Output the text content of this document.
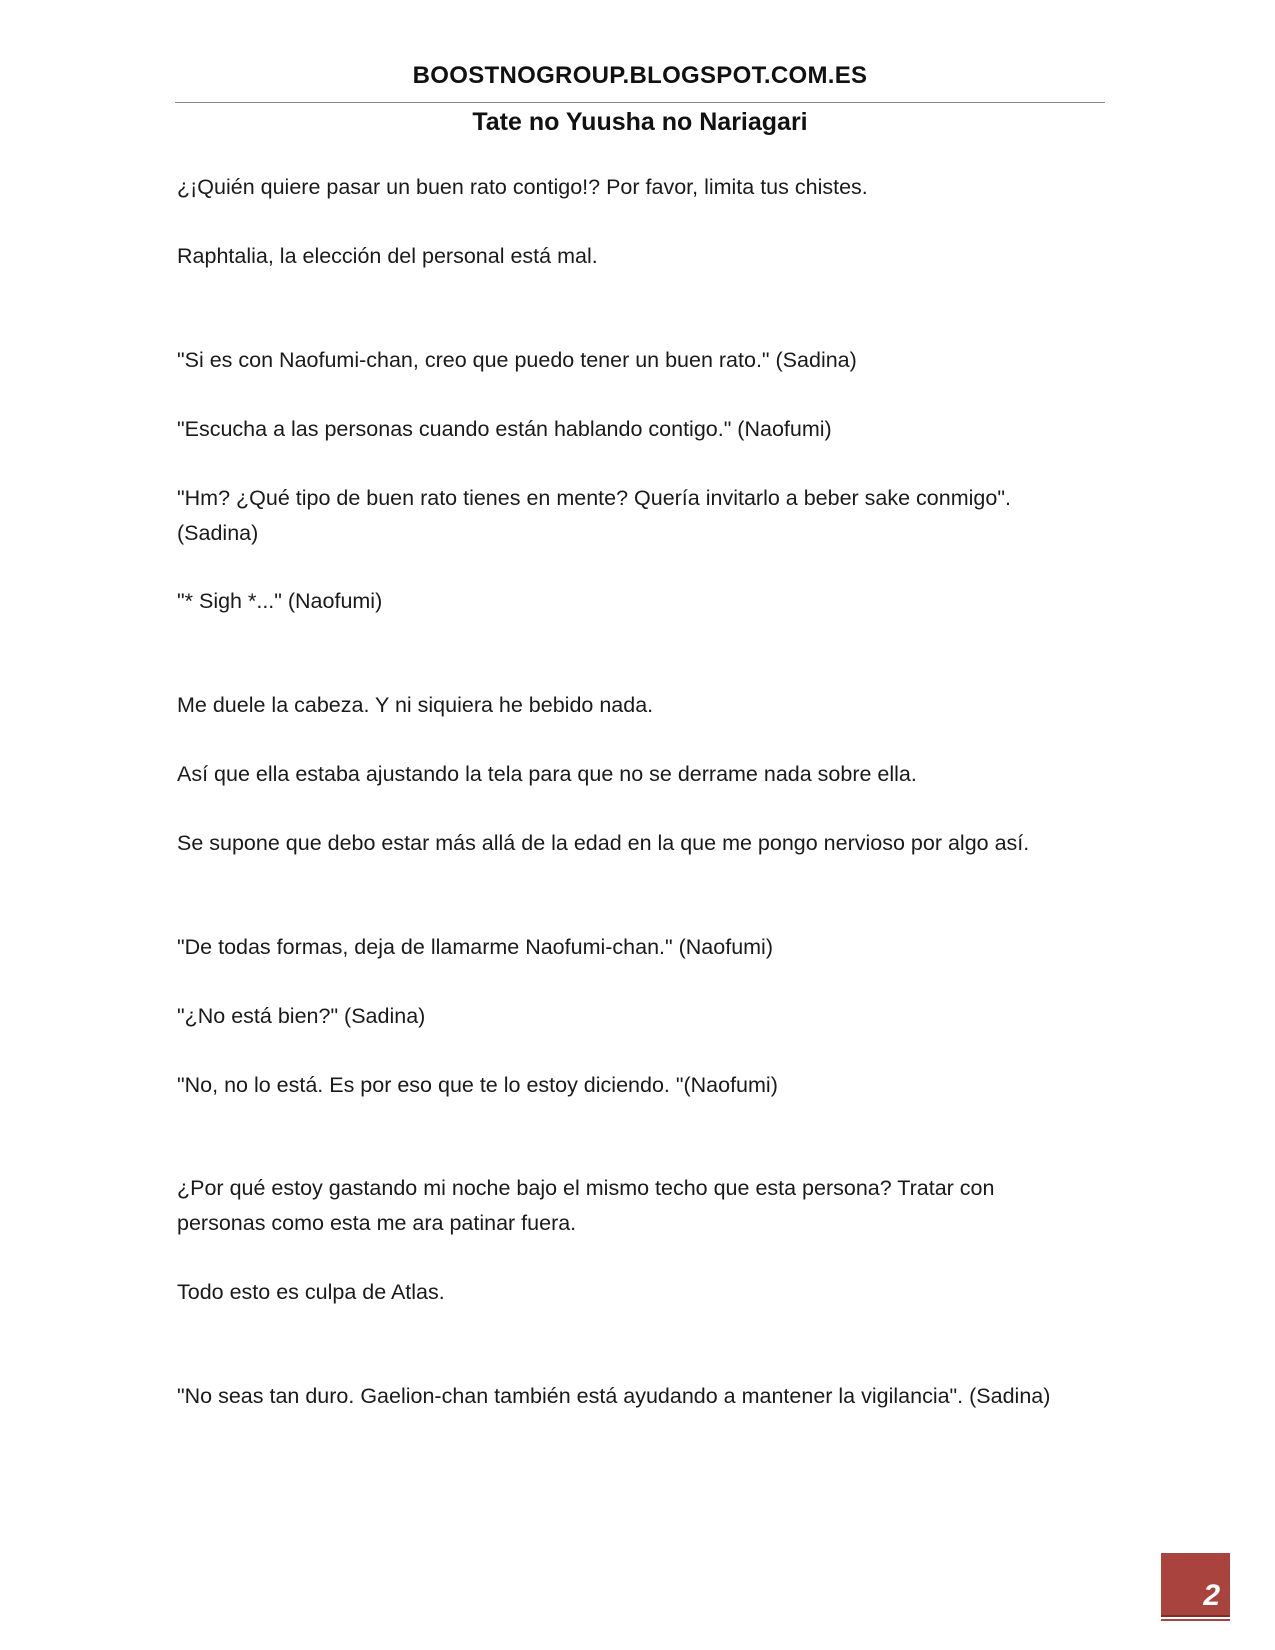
BOOSTNOGROUP.BLOGSPOT.COM.ES
Tate no Yuusha no Nariagari

¿¡Quién quiere pasar un buen rato contigo!? Por favor, limita tus chistes.

Raphtalia, la elección del personal está mal.

"Si es con Naofumi-chan, creo que puedo tener un buen rato." (Sadina)

"Escucha a las personas cuando están hablando contigo." (Naofumi)

"Hm? ¿Qué tipo de buen rato tienes en mente? Quería invitarlo a beber sake conmigo". (Sadina)

"* Sigh *..." (Naofumi)

Me duele la cabeza. Y ni siquiera he bebido nada.

Así que ella estaba ajustando la tela para que no se derrame nada sobre ella.

Se supone que debo estar más allá de la edad en la que me pongo nervioso por algo así.

"De todas formas, deja de llamarme Naofumi-chan." (Naofumi)

"¿No está bien?" (Sadina)

"No, no lo está. Es por eso que te lo estoy diciendo. "(Naofumi)

¿Por qué estoy gastando mi noche bajo el mismo techo que esta persona? Tratar con personas como esta me ara patinar fuera.

Todo esto es culpa de Atlas.

"No seas tan duro. Gaelion-chan también está ayudando a mantener la vigilancia". (Sadina)

2
